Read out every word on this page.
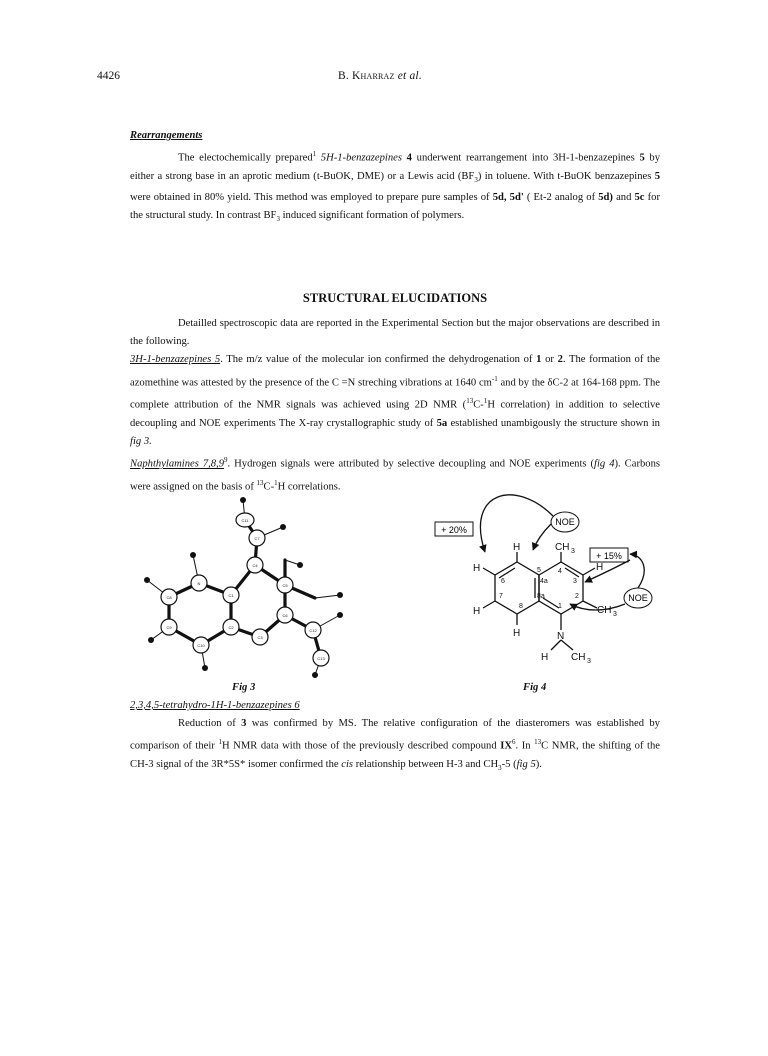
4426	B. Kharraz et al.
Rearrangements
The electochemically prepared$^1$ 5H-1-benzazepines 4 underwent rearrangement into 3H-1-benzazepines 5 by either a strong base in an aprotic medium (t-BuOK, DME) or a Lewis acid $(BF_3)$ in toluene. With t-BuOK benzazepines 5 were obtained in 80% yield. This method was employed to prepare pure samples of 5d, 5d' ( Et-2 analog of 5d) and 5c for the structural study. In contrast $BF_3$ induced significant formation of polymers.
STRUCTURAL ELUCIDATIONS
Detailled spectroscopic data are reported in the Experimental Section but the major observations are described in the following.
3H-1-benzazepines 5. The m/z value of the molecular ion confirmed the dehydrogenation of 1 or 2. The formation of the azomethine was attested by the presence of the C =N streching vibrations at 1640 $cm^{-1}$ and by the δC-2 at 164-168 ppm. The complete attribution of the NMR signals was achieved using 2D NMR ($^{13}$C-$^1$H correlation) in addition to selective decoupling and NOE experiments The X-ray crystallographic study of 5a established unambigously the structure shown in fig 3.
Naphthylamines 7,8,9$^9$. Hydrogen signals were attributed by selective decoupling and NOE experiments (fig 4). Carbons were assigned on the basis of $^{13}$C-$^1$H correlations.
C11
C7
C4
C5
C6
C3
C2
C1
N
C8
C9
C10
C12
C13
+ 20%
+ 15%
NOE
NOE
H	CH 3
H	H
H
H	N
H CH 3
CH 3
5
4a
4
3
2
1
8a
8
7
6
Fig 3	Fig 4
2,3,4,5-tetrahydro-1H-1-benzazepines 6
Reduction of 3 was confirmed by MS. The relative configuration of the diasteromers was established by comparison of their $^1$H NMR data with those of the previously described compound $IX^6$. In $^{13}$C NMR, the shifting of the CH-3 signal of the 3R*5S* isomer confirmed the cis relationship between H-3 and $CH_3-5$ (fig 5).
